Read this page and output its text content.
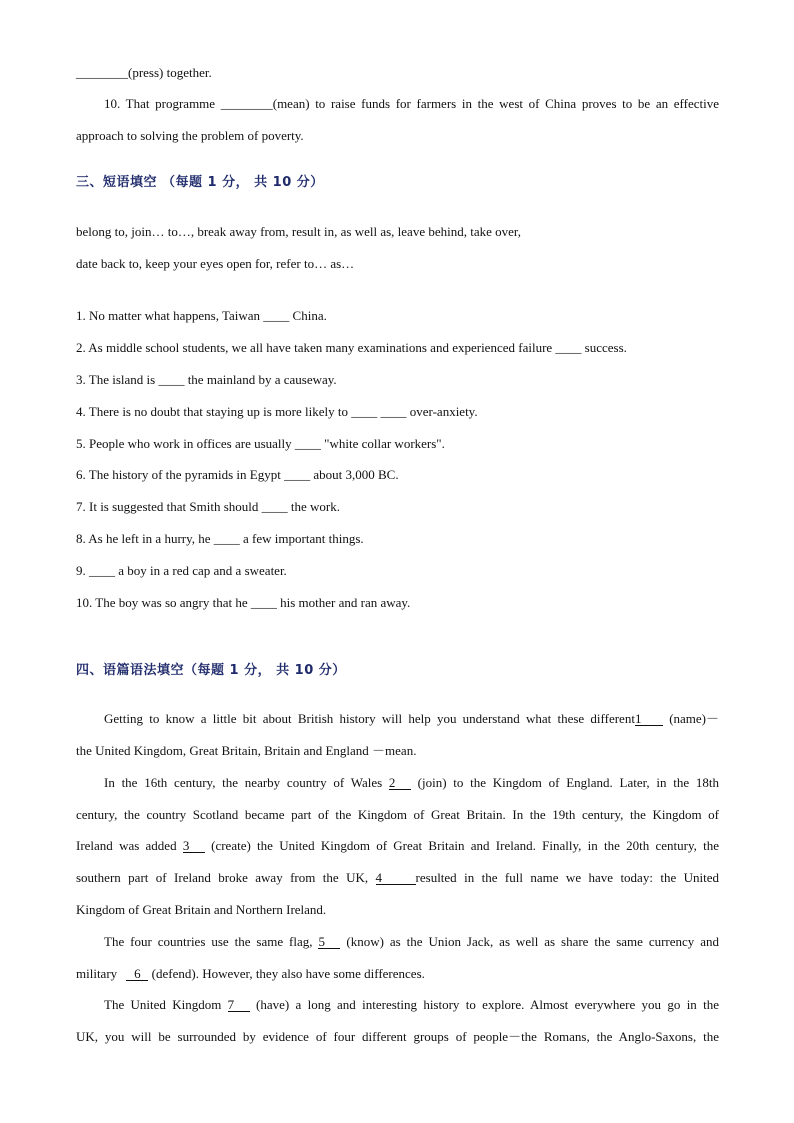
________(press) together.
10. That programme ________(mean) to raise funds for farmers in the west of China proves to be an effective
approach to solving the problem of poverty.
三、短语填空 （每题 1 分， 共 10 分）
belong to, join… to…, break away from, result in, as well as, leave behind, take over,
date back to, keep your eyes open for, refer to… as…
1. No matter what happens, Taiwan ____ China.
2. As middle school students, we all have taken many examinations and experienced failure ____ success.
3. The island is ____ the mainland by a causeway.
4. There is no doubt that staying up is more likely to ____ ____ over-anxiety.
5. People who work in offices are usually ____ "white collar workers".
6. The history of the pyramids in Egypt ____ about 3,000 BC.
7. It is suggested that Smith should ____ the work.
8. As he left in a hurry, he ____ a few important things.
9. ____ a boy in a red cap and a sweater.
10. The boy was so angry that he ____ his mother and ran away.
四、语篇语法填空（每题 1 分， 共 10 分）
Getting to know a little bit about British history will help you understand what these different1 (name)－
the United Kingdom, Great Britain, Britain and England －mean.
In the 16th century, the nearby country of Wales 2 (join) to the Kingdom of England. Later, in the 18th
century, the country Scotland became part of the Kingdom of Great Britain. In the 19th century, the Kingdom of
Ireland was added 3 (create) the United Kingdom of Great Britain and Ireland. Finally, in the 20th century, the
southern part of Ireland broke away from the UK, 4	resulted in the full name we have today: the United
Kingdom of Great Britain and Northern Ireland.
The four countries use the same flag, 5 (know) as the Union Jack, as well as share the same currency and
military 6 (defend). However, they also have some differences.
The United Kingdom 7 (have) a long and interesting history to explore. Almost everywhere you go in the
UK, you will be surrounded by evidence of four different groups of people－the Romans, the Anglo-Saxons, the
